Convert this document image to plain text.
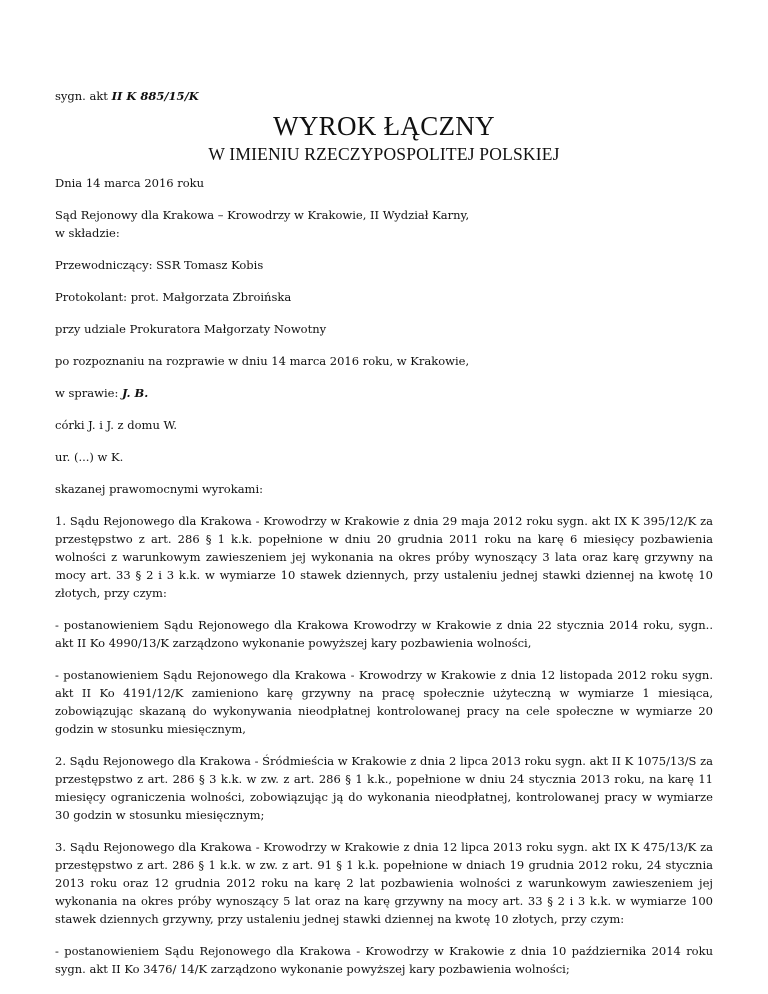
sygn. akt II K 885/15/K

WYROK ŁĄCZNY
W IMIENIU RZECZYPOSPOLITEJ POLSKIEJ

Dnia 14 marca 2016 roku

Sąd Rejonowy dla Krakowa – Krowodrzy w Krakowie, II Wydział Karny,
w składzie:

Przewodniczący: SSR Tomasz Kobis

Protokolant: prot. Małgorzata Zbroińska

przy udziale Prokuratora Małgorzaty Nowotny

po rozpoznaniu na rozprawie w dniu 14 marca 2016 roku, w Krakowie,

w sprawie: J. B.

córki J. i J. z domu W.

ur. (...) w K.

skazanej prawomocnymi wyrokami:

1. Sądu Rejonowego dla Krakowa - Krowodrzy w Krakowie z dnia 29 maja 2012 roku sygn. akt IX K 395/12/K za przestępstwo z art. 286 § 1 k.k. popełnione w dniu 20 grudnia 2011 roku na karę 6 miesięcy pozbawienia wolności z warunkowym zawieszeniem jej wykonania na okres próby wynoszący 3 lata oraz karę grzywny na mocy art. 33 § 2 i 3 k.k. w wymiarze 10 stawek dziennych, przy ustaleniu jednej stawki dziennej na kwotę 10 złotych, przy czym:

- postanowieniem Sądu Rejonowego dla Krakowa Krowodrzy w Krakowie z dnia 22 stycznia 2014 roku, sygn.. akt II Ko 4990/13/K zarządzono wykonanie powyższej kary pozbawienia wolności,

- postanowieniem Sądu Rejonowego dla Krakowa - Krowodrzy w Krakowie z dnia 12 listopada 2012 roku sygn. akt II Ko 4191/12/K zamieniono karę grzywny na pracę społecznie użyteczną w wymiarze 1 miesiąca, zobowiązując skazaną do wykonywania nieodpłatnej kontrolowanej pracy na cele społeczne w wymiarze 20 godzin w stosunku miesięcznym,

2. Sądu Rejonowego dla Krakowa - Śródmieścia w Krakowie z dnia 2 lipca 2013 roku sygn. akt II K 1075/13/S za przestępstwo z art. 286 § 3 k.k. w zw. z art. 286 § 1 k.k., popełnione w dniu 24 stycznia 2013 roku, na karę 11 miesięcy ograniczenia wolności, zobowiązując ją do wykonania nieodpłatnej, kontrolowanej pracy w wymiarze 30 godzin w stosunku miesięcznym;

3. Sądu Rejonowego dla Krakowa - Krowodrzy w Krakowie z dnia 12 lipca 2013 roku sygn. akt IX K 475/13/K za przestępstwo z art. 286 § 1 k.k. w zw. z art. 91 § 1 k.k. popełnione w dniach 19 grudnia 2012 roku, 24 stycznia 2013 roku oraz 12 grudnia 2012 roku na karę 2 lat pozbawienia wolności z warunkowym zawieszeniem jej wykonania na okres próby wynoszący 5 lat oraz na karę grzywny na mocy art. 33 § 2 i 3 k.k. w wymiarze 100 stawek dziennych grzywny, przy ustaleniu jednej stawki dziennej na kwotę 10 złotych, przy czym:

- postanowieniem Sądu Rejonowego dla Krakowa - Krowodrzy w Krakowie z dnia 10 października 2014 roku sygn. akt II Ko 3476/ 14/K zarządzono wykonanie powyższej kary pozbawienia wolności;
